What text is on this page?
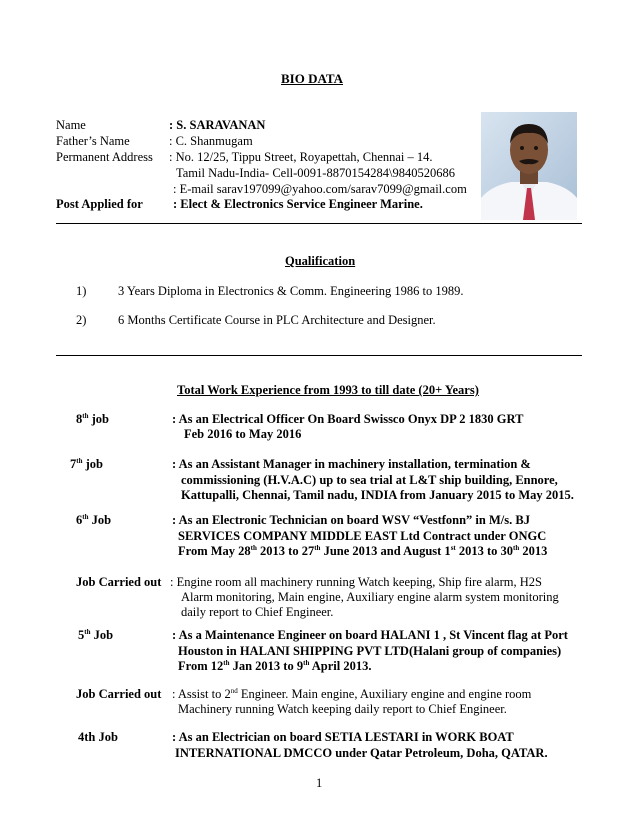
BIO DATA
Name	: S. SARAVANAN
Father’s Name	: C. Shanmugam
Permanent Address : No. 12/25, Tippu Street, Royapettah, Chennai – 14.
Tamil Nadu-India- Cell-0091-8870154284\9840520686
: E-mail sarav197099@yahoo.com/sarav7099@gmail.com
Post Applied for : Elect & Electronics Service Engineer Marine.
Qualification
1)	3 Years Diploma in Electronics & Comm. Engineering 1986 to 1989.
2)	6 Months Certificate Course in PLC Architecture and Designer.
Total Work Experience from 1993 to till date (20+ Years)
8th job	: As an Electrical Officer On Board Swissco Onyx DP 2 1830 GRT
Feb 2016 to May 2016
7th job	: As an Assistant Manager in machinery installation, termination &
commissioning (H.V.A.C) up to sea trial at L&T ship building, Ennore,
Kattupalli, Chennai, Tamil nadu, INDIA from January 2015 to May 2015.
6th Job	: As an Electronic Technician on board WSV “Vestfonn” in M/s. BJ
SERVICES COMPANY MIDDLE EAST Ltd Contract under ONGC
From May 28th 2013 to 27th June 2013 and August 1st 2013 to 30th 2013
Job Carried out : Engine room all machinery running Watch keeping, Ship fire alarm, H2S
Alarm monitoring, Main engine, Auxiliary engine alarm system monitoring
daily report to Chief Engineer.
5th Job	: As a Maintenance Engineer on board HALANI 1 , St Vincent flag at Port
Houston in HALANI SHIPPING PVT LTD(Halani group of companies)
From 12th Jan 2013 to 9th April 2013.
Job Carried out : Assist to 2nd Engineer. Main engine, Auxiliary engine and engine room
Machinery running Watch keeping daily report to Chief Engineer.
4th Job	: As an Electrician on board SETIA LESTARI in WORK BOAT
INTERNATIONAL DMCCO under Qatar Petroleum, Doha, QATAR.
1
